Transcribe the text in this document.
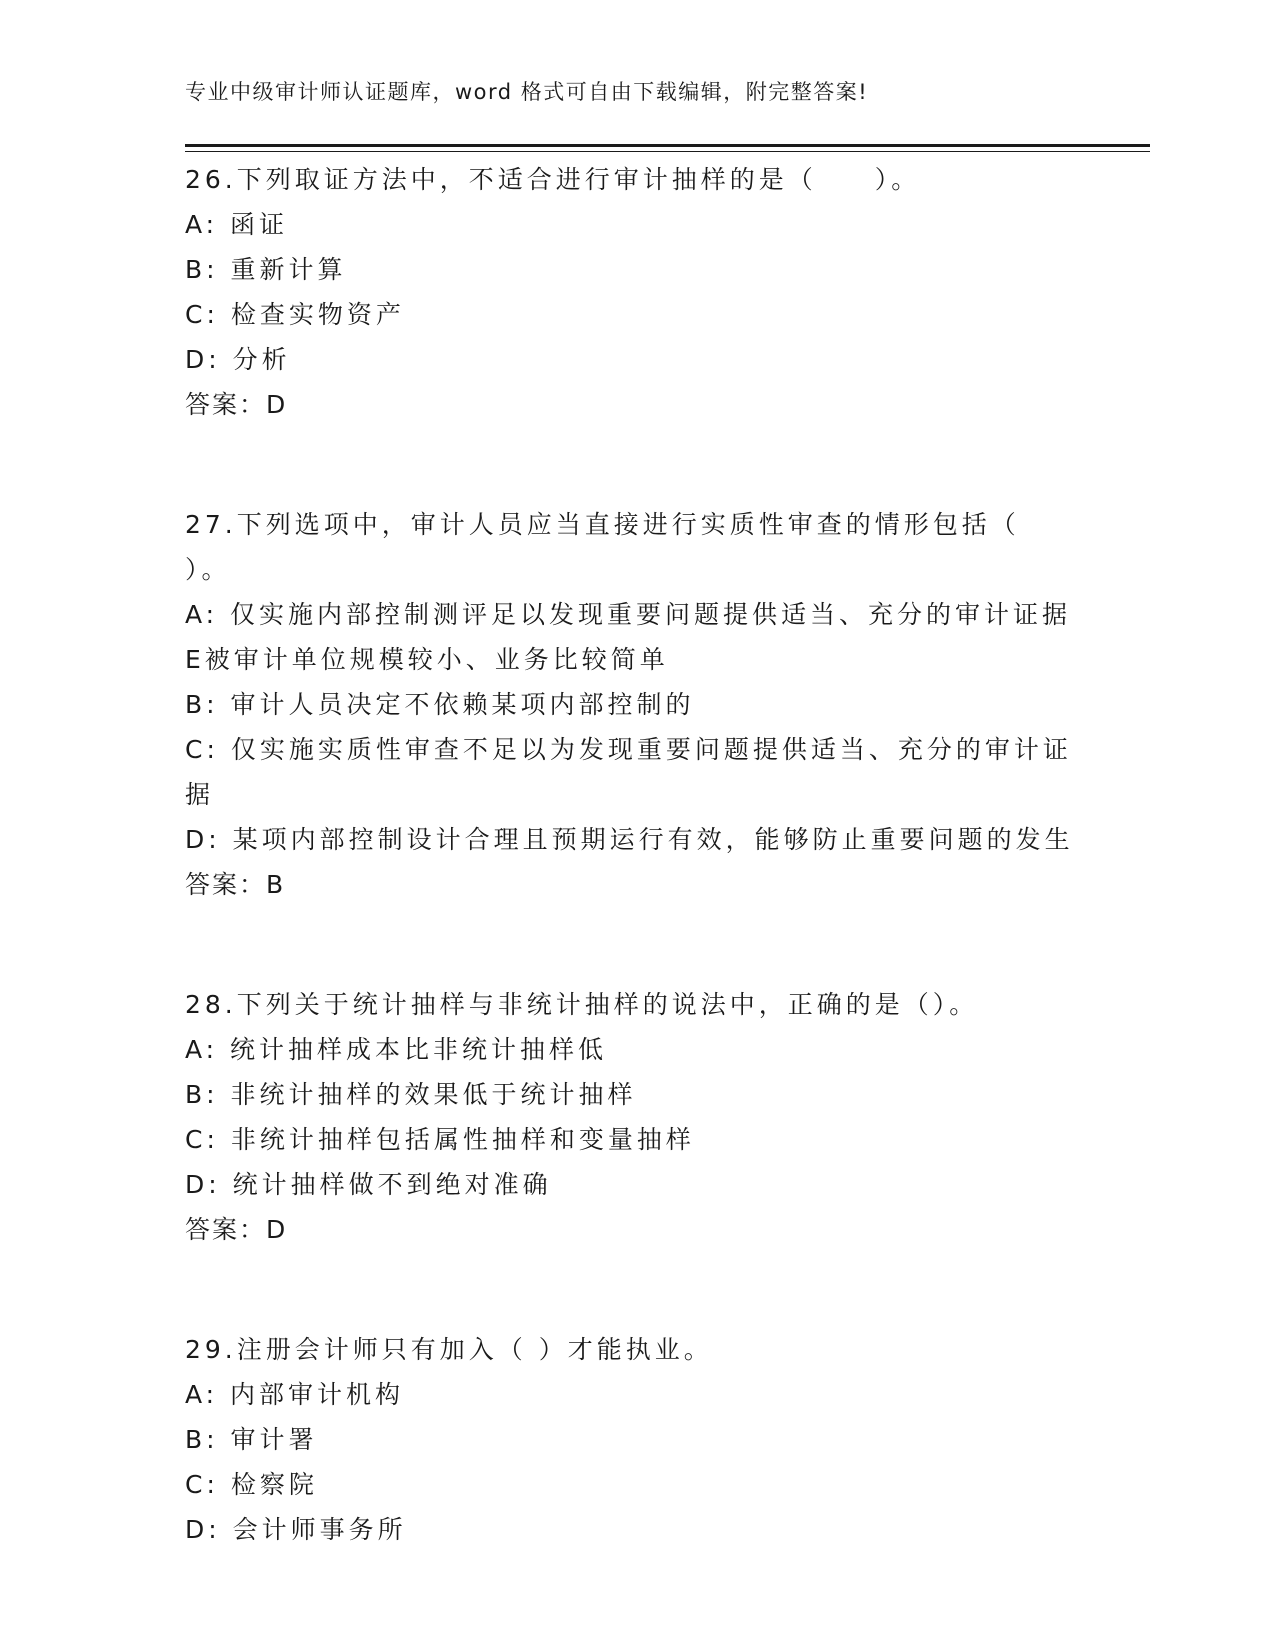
专业中级审计师认证题库，word 格式可自由下载编辑，附完整答案!
26.下列取证方法中，不适合进行审计抽样的是（　　）。
A: 函证
B: 重新计算
C: 检查实物资产
D: 分析
答案：D
27.下列选项中，审计人员应当直接进行实质性审查的情形包括（
）。
A: 仅实施内部控制测评足以发现重要问题提供适当、充分的审计证据
E被审计单位规模较小、业务比较简单
B: 审计人员决定不依赖某项内部控制的
C: 仅实施实质性审查不足以为发现重要问题提供适当、充分的审计证
据
D: 某项内部控制设计合理且预期运行有效，能够防止重要问题的发生
答案：B
28.下列关于统计抽样与非统计抽样的说法中，正确的是（）。
A: 统计抽样成本比非统计抽样低
B: 非统计抽样的效果低于统计抽样
C: 非统计抽样包括属性抽样和变量抽样
D: 统计抽样做不到绝对准确
答案：D
29.注册会计师只有加入（ ）才能执业。
A: 内部审计机构
B: 审计署
C: 检察院
D: 会计师事务所
